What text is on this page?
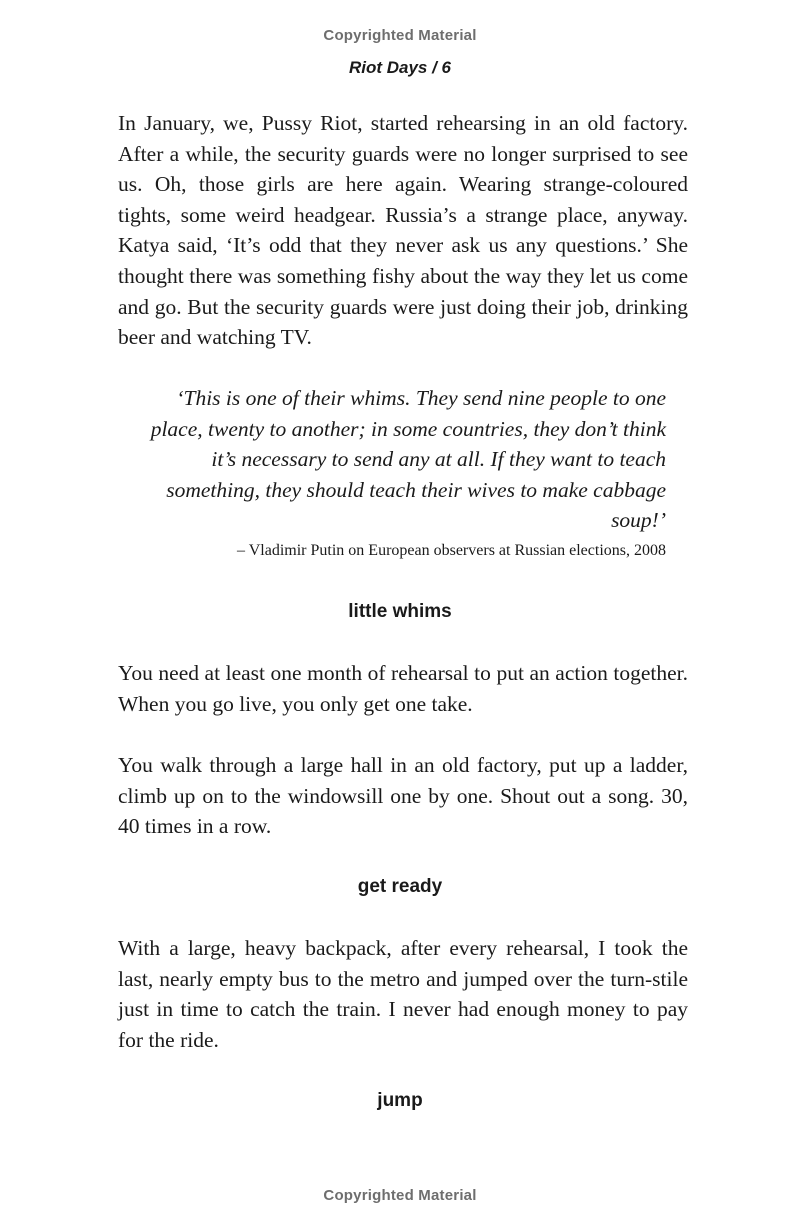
Copyrighted Material
Riot Days / 6

In January, we, Pussy Riot, started rehearsing in an old factory. After a while, the security guards were no longer surprised to see us. Oh, those girls are here again. Wearing strange-coloured tights, some weird headgear. Russia’s a strange place, anyway. Katya said, ‘It’s odd that they never ask us any questions.’ She thought there was something fishy about the way they let us come and go. But the security guards were just doing their job, drinking beer and watching TV.

‘This is one of their whims. They send nine people to one place, twenty to another; in some countries, they don’t think it’s necessary to send any at all. If they want to teach something, they should teach their wives to make cabbage soup!’

– Vladimir Putin on European observers at Russian elections, 2008
little whims

You need at least one month of rehearsal to put an action together. When you go live, you only get one take.

You walk through a large hall in an old factory, put up a ladder, climb up on to the windowsill one by one. Shout out a song. 30, 40 times in a row.

get ready

With a large, heavy backpack, after every rehearsal, I took the last, nearly empty bus to the metro and jumped over the turn-stile just in time to catch the train. I never had enough money to pay for the ride.

jump
Copyrighted Material
